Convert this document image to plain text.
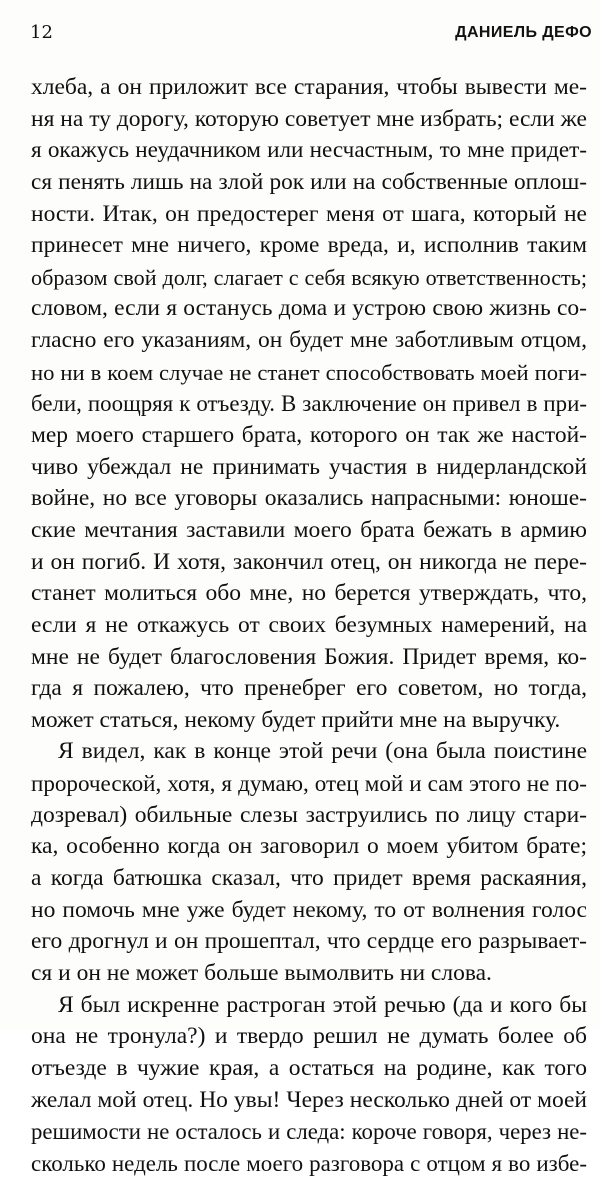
12	ДАНИЕЛЬ ДЕФО
хлеба, а он приложит все старания, чтобы вывести ме-
ня на ту дорогу, которую советует мне избрать; если же
я окажусь неудачником или несчастным, то мне придет-
ся пенять лишь на злой рок или на собственные оплош-
ности. Итак, он предостерег меня от шага, который не
принесет мне ничего, кроме вреда, и, исполнив таким
образом свой долг, слагает с себя всякую ответственность;
словом, если я останусь дома и устрою свою жизнь со-
гласно его указаниям, он будет мне заботливым отцом,
но ни в коем случае не станет способствовать моей поги-
бели, поощряя к отъезду. В заключение он привел в при-
мер моего старшего брата, которого он так же настой-
чиво убеждал не принимать участия в нидерландской
войне, но все уговоры оказались напрасными: юноше-
ские мечтания заставили моего брата бежать в армию
и он погиб. И хотя, закончил отец, он никогда не пере-
станет молиться обо мне, но берется утверждать, что,
если я не откажусь от своих безумных намерений, на
мне не будет благословения Божия. Придет время, ко-
гда я пожалею, что пренебрег его советом, но тогда,
может статься, некому будет прийти мне на выручку.
Я видел, как в конце этой речи (она была поистине
пророческой, хотя, я думаю, отец мой и сам этого не по-
дозревал) обильные слезы заструились по лицу стари-
ка, особенно когда он заговорил о моем убитом брате;
а когда батюшка сказал, что придет время раскаяния,
но помочь мне уже будет некому, то от волнения голос
его дрогнул и он прошептал, что сердце его разрывает-
ся и он не может больше вымолвить ни слова.
Я был искренне растроган этой речью (да и кого бы
она не тронула?) и твердо решил не думать более об
отъезде в чужие края, а остаться на родине, как того
желал мой отец. Но увы! Через несколько дней от моей
решимости не осталось и следа: короче говоря, через не-
сколько недель после моего разговора с отцом я во избе-
